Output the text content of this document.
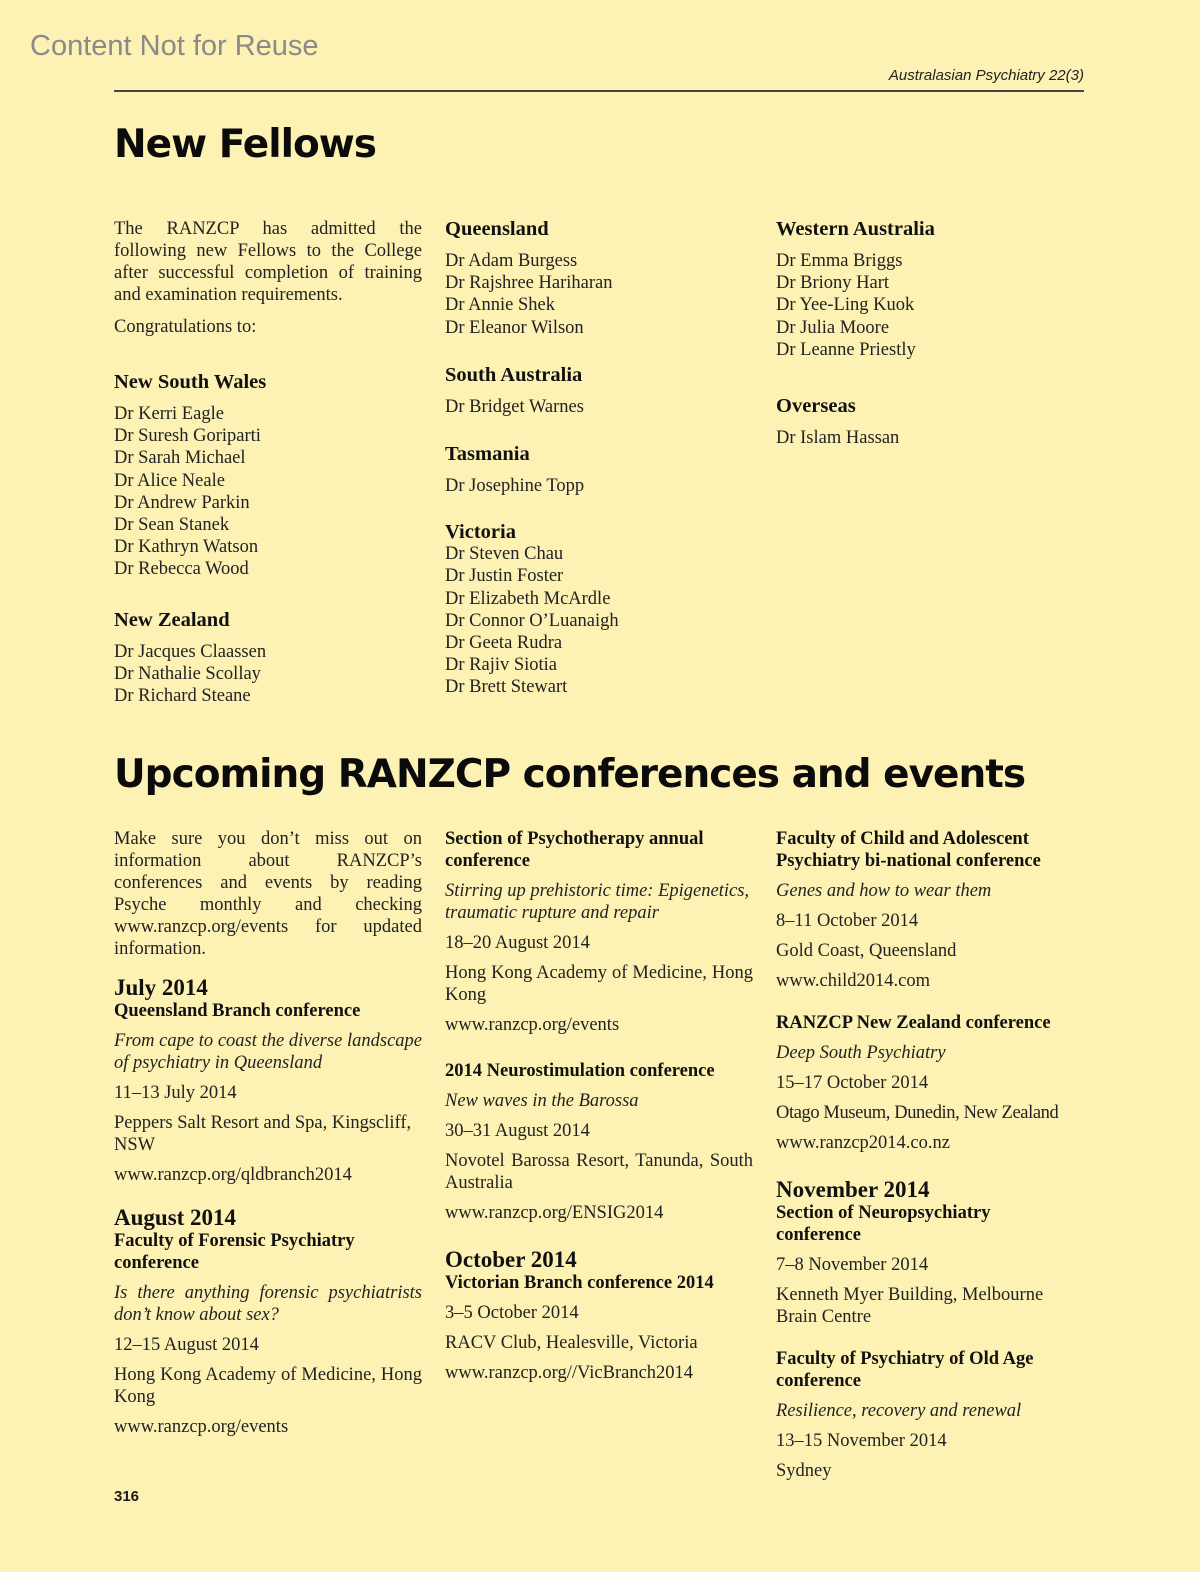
Content Not for Reuse
Australasian Psychiatry 22(3)
New Fellows

The RANZCP has admitted the following new Fellows to the College after successful completion of training and examination requirements.

Congratulations to:

New South Wales
Dr Kerri Eagle
Dr Suresh Goriparti
Dr Sarah Michael
Dr Alice Neale
Dr Andrew Parkin
Dr Sean Stanek
Dr Kathryn Watson
Dr Rebecca Wood
New Zealand
Dr Jacques Claassen
Dr Nathalie Scollay
Dr Richard Steane
Queensland
Dr Adam Burgess
Dr Rajshree Hariharan
Dr Annie Shek
Dr Eleanor Wilson
South Australia
Dr Bridget Warnes
Tasmania
Dr Josephine Topp
Victoria
Dr Steven Chau
Dr Justin Foster
Dr Elizabeth McArdle
Dr Connor O’Luanaigh
Dr Geeta Rudra
Dr Rajiv Siotia
Dr Brett Stewart
Western Australia
Dr Emma Briggs
Dr Briony Hart
Dr Yee-Ling Kuok
Dr Julia Moore
Dr Leanne Priestly
Overseas
Dr Islam Hassan
Upcoming RANZCP conferences and events

Make sure you don’t miss out on information about RANZCP’s conferences and events by reading Psyche monthly and checking www.ranzcp.org/events for updated information.

July 2014
Queensland Branch conference
From cape to coast the diverse landscape of psychiatry in Queensland
11–13 July 2014
Peppers Salt Resort and Spa, Kingscliff, NSW
www.ranzcp.org/qldbranch2014
August 2014
Faculty of Forensic Psychiatry conference
Is there anything forensic psychiatrists don’t know about sex?
12–15 August 2014
Hong Kong Academy of Medicine, Hong Kong
www.ranzcp.org/events
Section of Psychotherapy annual conference
Stirring up prehistoric time: Epigenetics, traumatic rupture and repair
18–20 August 2014
Hong Kong Academy of Medicine, Hong Kong
www.ranzcp.org/events
2014 Neurostimulation conference
New waves in the Barossa
30–31 August 2014
Novotel Barossa Resort, Tanunda, South Australia
www.ranzcp.org/ENSIG2014
October 2014
Victorian Branch conference 2014
3–5 October 2014
RACV Club, Healesville, Victoria
www.ranzcp.org//VicBranch2014
Faculty of Child and Adolescent Psychiatry bi-national conference
Genes and how to wear them
8–11 October 2014
Gold Coast, Queensland
www.child2014.com
RANZCP New Zealand conference
Deep South Psychiatry
15–17 October 2014
Otago Museum, Dunedin, New Zealand
www.ranzcp2014.co.nz
November 2014
Section of Neuropsychiatry conference
7–8 November 2014
Kenneth Myer Building, Melbourne Brain Centre
Faculty of Psychiatry of Old Age conference
Resilience, recovery and renewal
13–15 November 2014
Sydney
316
